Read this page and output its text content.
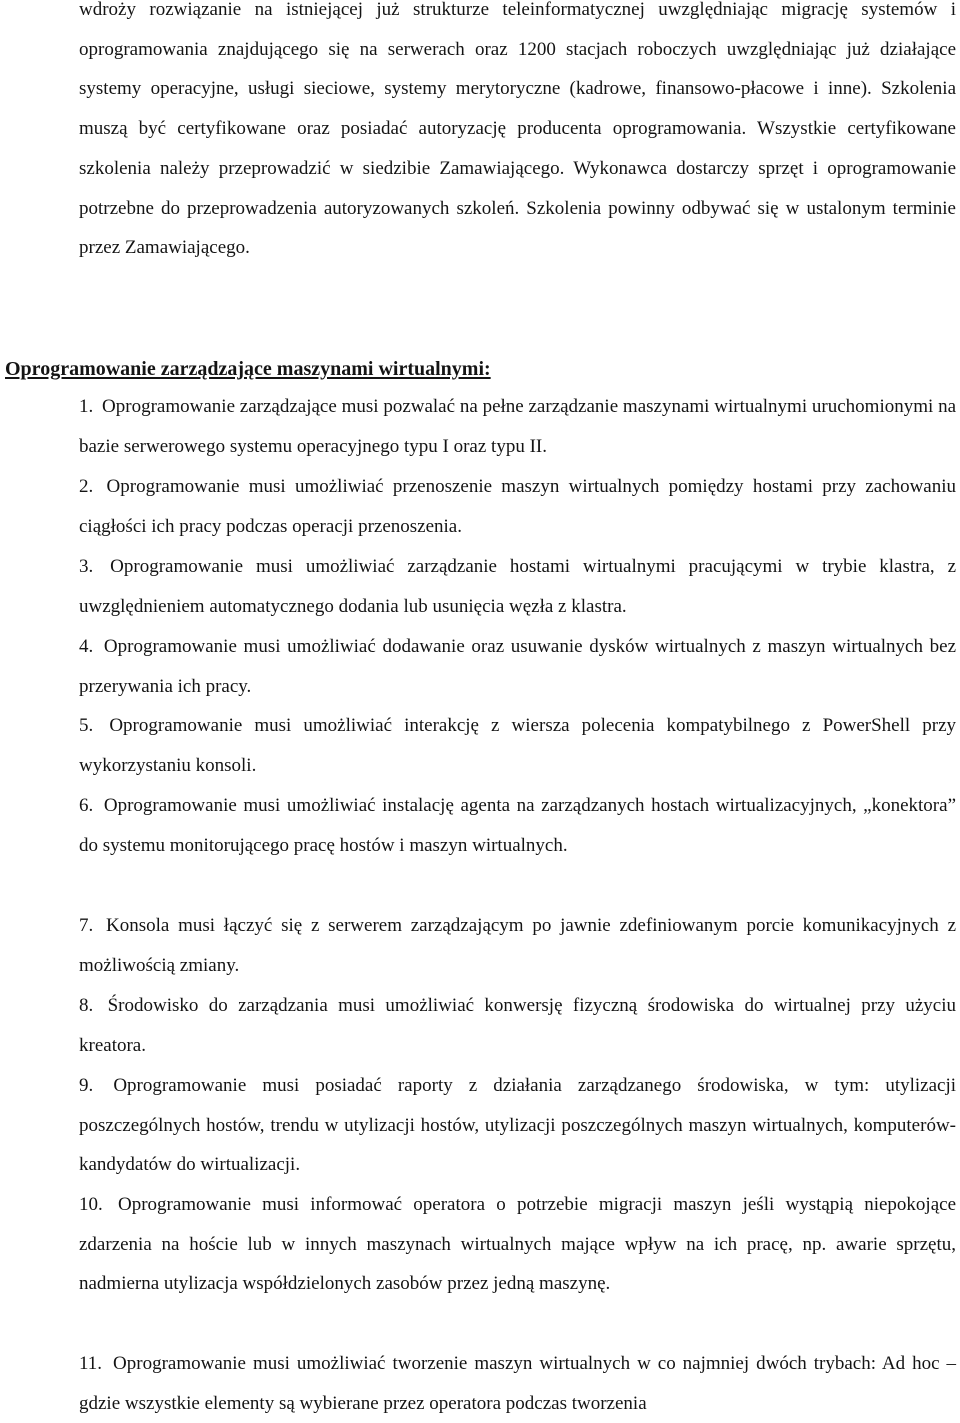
wdroży rozwiązanie na istniejącej już strukturze teleinformatycznej uwzględniając migrację systemów i oprogramowania znajdującego się na serwerach oraz 1200 stacjach roboczych uwzględniając już działające systemy operacyjne, usługi sieciowe, systemy merytoryczne (kadrowe, finansowo-płacowe i inne). Szkolenia muszą być certyfikowane oraz posiadać autoryzację producenta oprogramowania. Wszystkie certyfikowane szkolenia należy przeprowadzić w siedzibie Zamawiającego. Wykonawca dostarczy sprzęt i oprogramowanie potrzebne do przeprowadzenia autoryzowanych szkoleń. Szkolenia powinny odbywać się w ustalonym terminie przez Zamawiającego.

Oprogramowanie zarządzające maszynami wirtualnymi:

1. Oprogramowanie zarządzające musi pozwalać na pełne zarządzanie maszynami wirtualnymi uruchomionymi na bazie serwerowego systemu operacyjnego typu I oraz typu II.

2. Oprogramowanie musi umożliwiać przenoszenie maszyn wirtualnych pomiędzy hostami przy zachowaniu ciągłości ich pracy podczas operacji przenoszenia.

3. Oprogramowanie musi umożliwiać zarządzanie hostami wirtualnymi pracującymi w trybie klastra, z uwzględnieniem automatycznego dodania lub usunięcia węzła z klastra.

4. Oprogramowanie musi umożliwiać dodawanie oraz usuwanie dysków wirtualnych z maszyn wirtualnych bez przerywania ich pracy.

5. Oprogramowanie musi umożliwiać interakcję z wiersza polecenia kompatybilnego z PowerShell przy wykorzystaniu konsoli.

6. Oprogramowanie musi umożliwiać instalację agenta na zarządzanych hostach wirtualizacyjnych, „konektora” do systemu monitorującego pracę hostów i maszyn wirtualnych.

7. Konsola musi łączyć się z serwerem zarządzającym po jawnie zdefiniowanym porcie komunikacyjnych z możliwością zmiany.

8. Środowisko do zarządzania musi umożliwiać konwersję fizyczną środowiska do wirtualnej przy użyciu kreatora.

9. Oprogramowanie musi posiadać raporty z działania zarządzanego środowiska, w tym: utylizacji poszczególnych hostów, trendu w utylizacji hostów, utylizacji poszczególnych maszyn wirtualnych, komputerów-kandydatów do wirtualizacji.

10. Oprogramowanie musi informować operatora o potrzebie migracji maszyn jeśli wystąpią niepokojące zdarzenia na hoście lub w innych maszynach wirtualnych mające wpływ na ich pracę, np. awarie sprzętu, nadmierna utylizacja współdzielonych zasobów przez jedną maszynę.

11. Oprogramowanie musi umożliwiać tworzenie maszyn wirtualnych w co najmniej dwóch trybach: Ad hoc – gdzie wszystkie elementy są wybierane przez operatora podczas tworzenia
